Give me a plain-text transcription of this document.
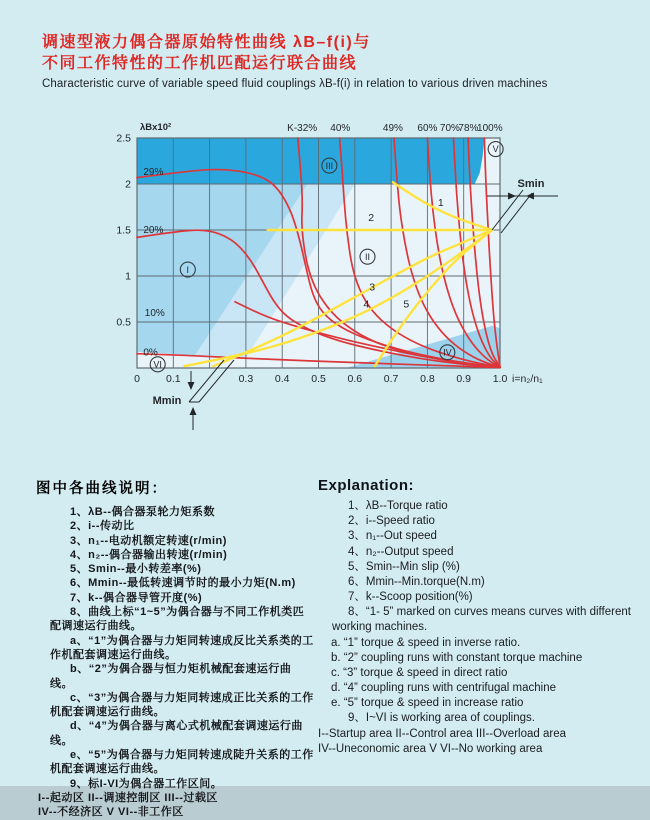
调速型液力偶合器原始特性曲线 λB–f(i)与
不同工作特性的工作机匹配运行联合曲线
Characteristic curve of variable speed fluid couplings λB-f(i) in relation to various driven machines
0 0.1	0.3 0.4 0.5 0.6 0.7 0.8 0.9 1.0
2.5
2
1.5
1
0.5
i=n₂/n₁
λBx10²	K-32% 40%	49% 60% 70%
78%
100%
29%
20%
10%
0%
1
2
3
4	5
I
II
III
IV
V
VI
Smin
Mmin
图中各曲线说明：
1、λB--偶合器泵轮力矩系数
2、i--传动比
3、n₁--电动机额定转速(r/min)
4、n₂--偶合器输出转速(r/min)
5、Smin--最小转差率(%)
6、Mmin--最低转速调节时的最小力矩(N.m)
7、k--偶合器导管开度(%)
8、曲线上标“1~5”为偶合器与不同工作机类匹配调速运行曲线。
a、“1”为偶合器与力矩同转速成反比关系类的工作机配套调速运行曲线。
b、“2”为偶合器与恒力矩机械配套速运行曲线。
c、“3”为偶合器与力矩同转速成正比关系的工作机配套调速运行曲线。
d、“4”为偶合器与离心式机械配套调速运行曲线。
e、“5”为偶合器与力矩同转速成陡升关系的工作机配套调速运行曲线。
9、标I-VI为偶合器工作区间。
I--起动区 II--调速控制区 III--过载区
IV--不经济区 V VI--非工作区
Explanation:
1、λB--Torque ratio
2、i--Speed ratio
3、n₁--Out speed
4、n₂--Output speed
5、Smin--Min slip (%)
6、Mmin--Min.torque(N.m)
7、k--Scoop position(%)
8、“1- 5” marked on curves means curves with different working machines.
a. “1” torque & speed in inverse ratio.
b. “2” coupling runs with constant torque machine
c. “3” torque & speed in direct ratio
d. “4” coupling runs with centrifugal machine
e. “5” torque & speed in increase ratio
9、I~VI is working area of couplings.
I--Startup area II--Control area III--Overload area
IV--Uneconomic area V VI--No working area
